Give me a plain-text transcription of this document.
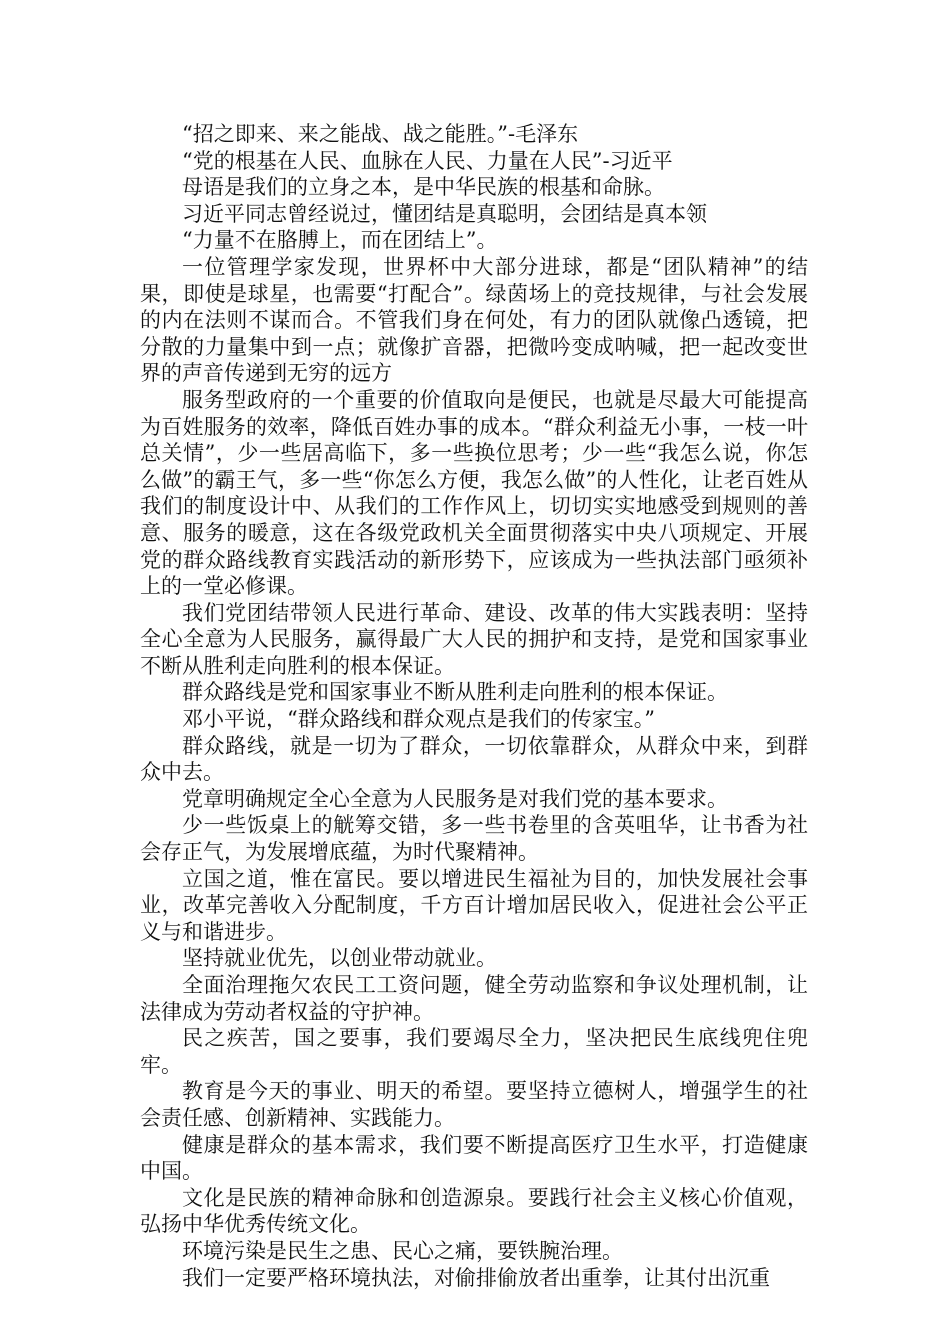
“招之即来、来之能战、战之能胜。”-毛泽东

“党的根基在人民、血脉在人民、力量在人民”-习近平

母语是我们的立身之本，是中华民族的根基和命脉。

习近平同志曾经说过，懂团结是真聪明，会团结是真本领

“力量不在胳膊上，而在团结上”。

一位管理学家发现，世界杯中大部分进球，都是“团队精神”的结果，即使是球星，也需要“打配合”。绿茵场上的竞技规律，与社会发展的内在法则不谋而合。不管我们身在何处，有力的团队就像凸透镜，把分散的力量集中到一点；就像扩音器，把微吟变成呐喊，把一起改变世界的声音传递到无穷的远方

服务型政府的一个重要的价值取向是便民，也就是尽最大可能提高为百姓服务的效率，降低百姓办事的成本。“群众利益无小事，一枝一叶总关情”，少一些居高临下，多一些换位思考；少一些“我怎么说，你怎么做”的霸王气，多一些“你怎么方便，我怎么做”的人性化，让老百姓从我们的制度设计中、从我们的工作作风上，切切实实地感受到规则的善意、服务的暖意，这在各级党政机关全面贯彻落实中央八项规定、开展党的群众路线教育实践活动的新形势下，应该成为一些执法部门亟须补上的一堂必修课。

我们党团结带领人民进行革命、建设、改革的伟大实践表明：坚持全心全意为人民服务，赢得最广大人民的拥护和支持，是党和国家事业不断从胜利走向胜利的根本保证。

群众路线是党和国家事业不断从胜利走向胜利的根本保证。

邓小平说，“群众路线和群众观点是我们的传家宝。”

群众路线，就是一切为了群众，一切依靠群众，从群众中来，到群众中去。

党章明确规定全心全意为人民服务是对我们党的基本要求。

少一些饭桌上的觥筹交错，多一些书卷里的含英咀华，让书香为社会存正气，为发展增底蕴，为时代聚精神。

立国之道，惟在富民。要以增进民生福祉为目的，加快发展社会事业，改革完善收入分配制度，千方百计增加居民收入，促进社会公平正义与和谐进步。

坚持就业优先，以创业带动就业。

全面治理拖欠农民工工资问题，健全劳动监察和争议处理机制，让法律成为劳动者权益的守护神。

民之疾苦，国之要事，我们要竭尽全力，坚决把民生底线兜住兜牢。

教育是今天的事业、明天的希望。要坚持立德树人，增强学生的社会责任感、创新精神、实践能力。

健康是群众的基本需求，我们要不断提高医疗卫生水平，打造健康中国。

文化是民族的精神命脉和创造源泉。要践行社会主义核心价值观，弘扬中华优秀传统文化。

环境污染是民生之患、民心之痛，要铁腕治理。

我们一定要严格环境执法，对偷排偷放者出重拳，让其付出沉重
